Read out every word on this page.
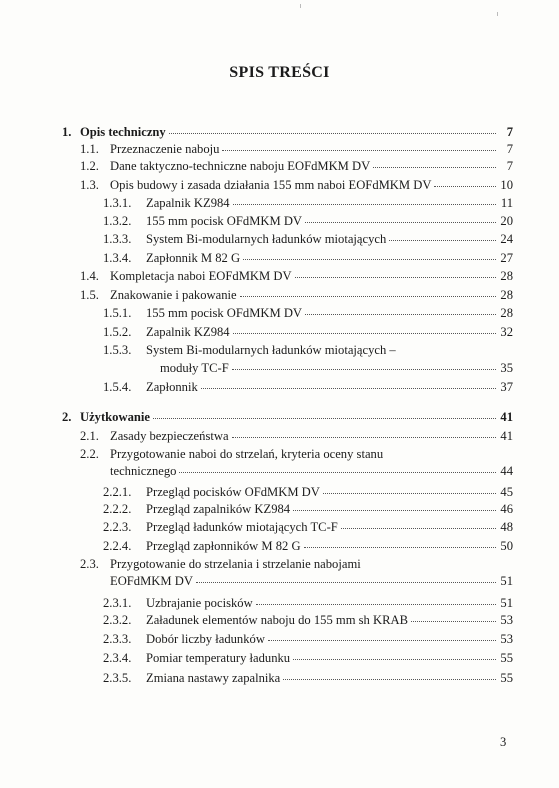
SPIS TREŚCI
1. Opis techniczny	7
1.1. Przeznaczenie naboju	7
1.2. Dane taktyczno-techniczne naboju EOFdMKM DV	7
1.3. Opis budowy i zasada działania 155 mm naboi EOFdMKM DV	10
1.3.1.	Zapalnik KZ984	11
1.3.2.	155 mm pocisk OFdMKM DV	20
1.3.3.	System Bi-modularnych ładunków miotających	24
1.3.4.	Zapłonnik M 82 G	27
1.4. Kompletacja naboi EOFdMKM DV	28
1.5. Znakowanie i pakowanie	28
1.5.1.	155 mm pocisk OFdMKM DV	28
1.5.2.	Zapalnik KZ984	32
1.5.3.	System Bi-modularnych ładunków miotających –
moduły TC-F	35
1.5.4.	Zapłonnik	37
2. Użytkowanie	41
2.1. Zasady bezpieczeństwa	41
2.2. Przygotowanie naboi do strzelań, kryteria oceny stanu
technicznego	44
2.2.1.	Przegląd pocisków OFdMKM DV	45
2.2.2.	Przegląd zapalników KZ984	46
2.2.3.	Przegląd ładunków miotających TC-F	48
2.2.4.	Przegląd zapłonników M 82 G	50
2.3. Przygotowanie do strzelania i strzelanie nabojami
EOFdMKM DV	51
2.3.1.	Uzbrajanie pocisków	51
2.3.2.	Załadunek elementów naboju do 155 mm sh KRAB	53
2.3.3.	Dobór liczby ładunków	53
2.3.4.	Pomiar temperatury ładunku	55
2.3.5.	Zmiana nastawy zapalnika	55
3
